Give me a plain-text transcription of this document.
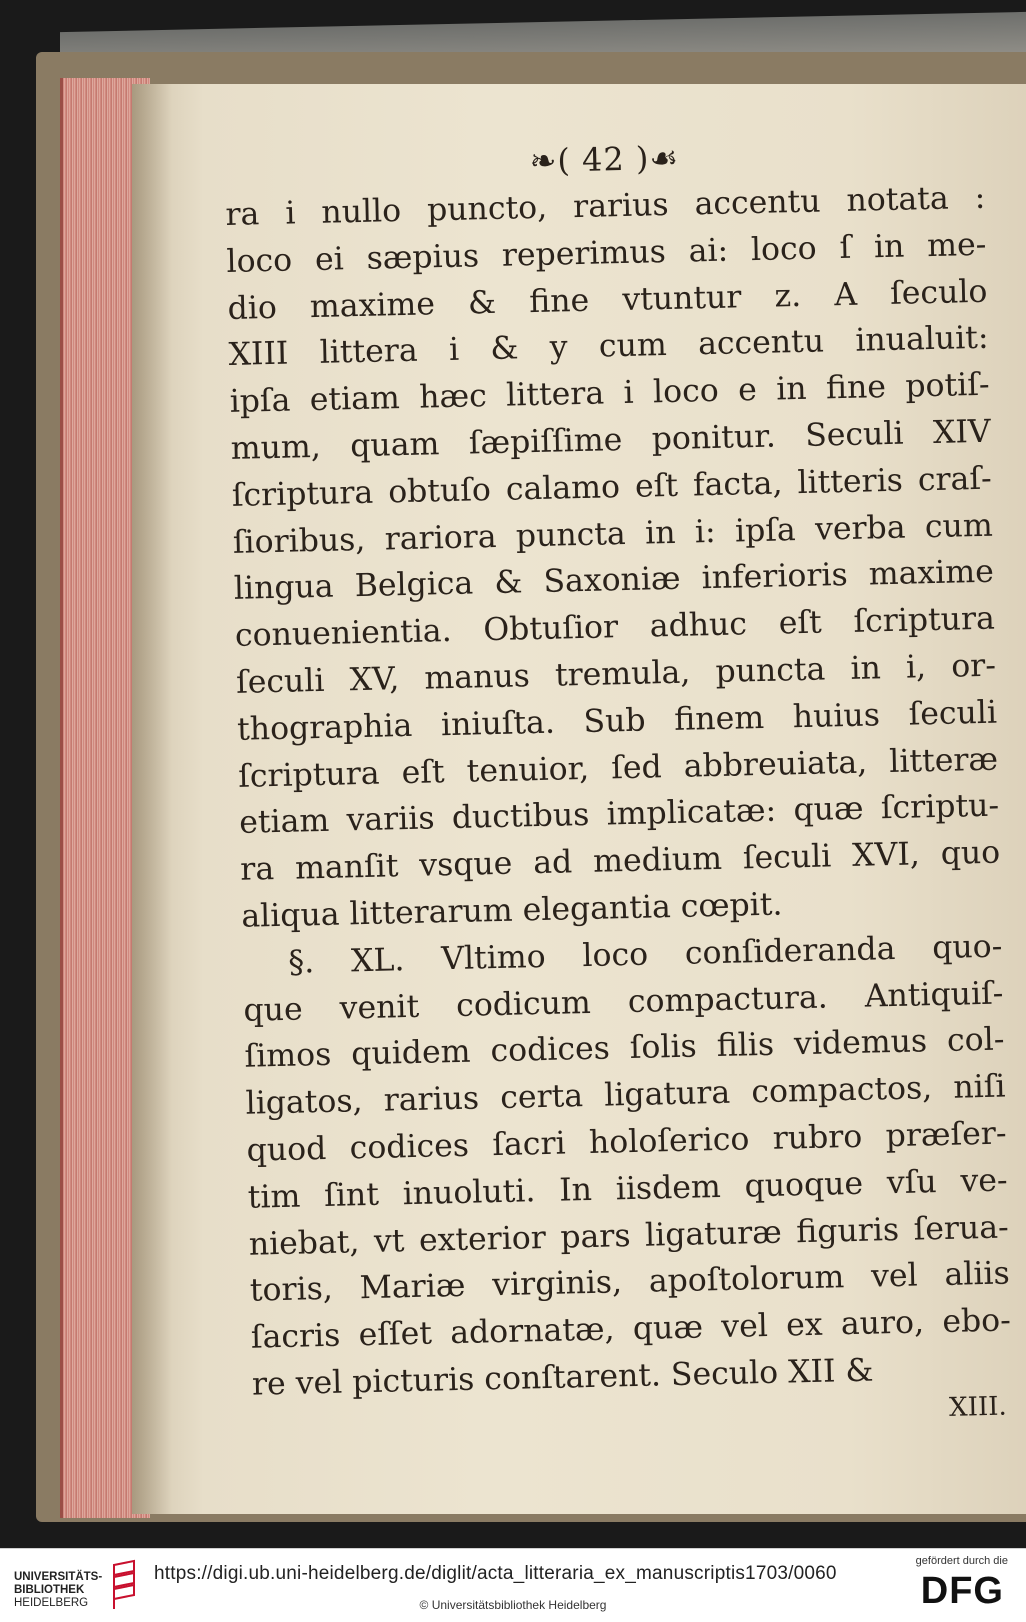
❧( 42 )☙
ra i nullo puncto, rarius accentu notata :
loco ei sæpius reperimus ai: loco ſ in me-
dio maxime & fine vtuntur z. A ſeculo
XIII littera i & y cum accentu inualuit:
ipſa etiam hæc littera i loco e in fine potiſ-
mum, quam ſæpiſſime ponitur. Seculi XIV
ſcriptura obtuſo calamo eſt facta, litteris craſ-
ſioribus, rariora puncta in i: ipſa verba cum
lingua Belgica & Saxoniæ inferioris maxime
conuenientia. Obtuſior adhuc eſt ſcriptura
ſeculi XV, manus tremula, puncta in i, or-
thographia iniuſta. Sub finem huius ſeculi
ſcriptura eſt tenuior, ſed abbreuiata, litteræ
etiam variis ductibus implicatæ: quæ ſcriptu-
ra manſit vsque ad medium ſeculi XVI, quo
aliqua litterarum elegantia cœpit.
§. XL. Vltimo loco conſideranda quo-
que venit codicum compactura. Antiquiſ-
ſimos quidem codices ſolis filis videmus col-
ligatos, rarius certa ligatura compactos, niſi
quod codices ſacri holoſerico rubro præſer-
tim ſint inuoluti. In iisdem quoque vſu ve-
niebat, vt exterior pars ligaturæ figuris ſerua-
toris, Mariæ virginis, apoſtolorum vel aliis
ſacris eſſet adornatæ, quæ vel ex auro, ebo-
re vel picturis conſtarent. Seculo XII &
XIII.
UNIVERSITÄTS-
BIBLIOTHEK
HEIDELBERG
https://digi.ub.uni-heidelberg.de/diglit/acta_litteraria_ex_manuscriptis1703/0060
© Universitätsbibliothek Heidelberg
gefördert durch die
DFG
